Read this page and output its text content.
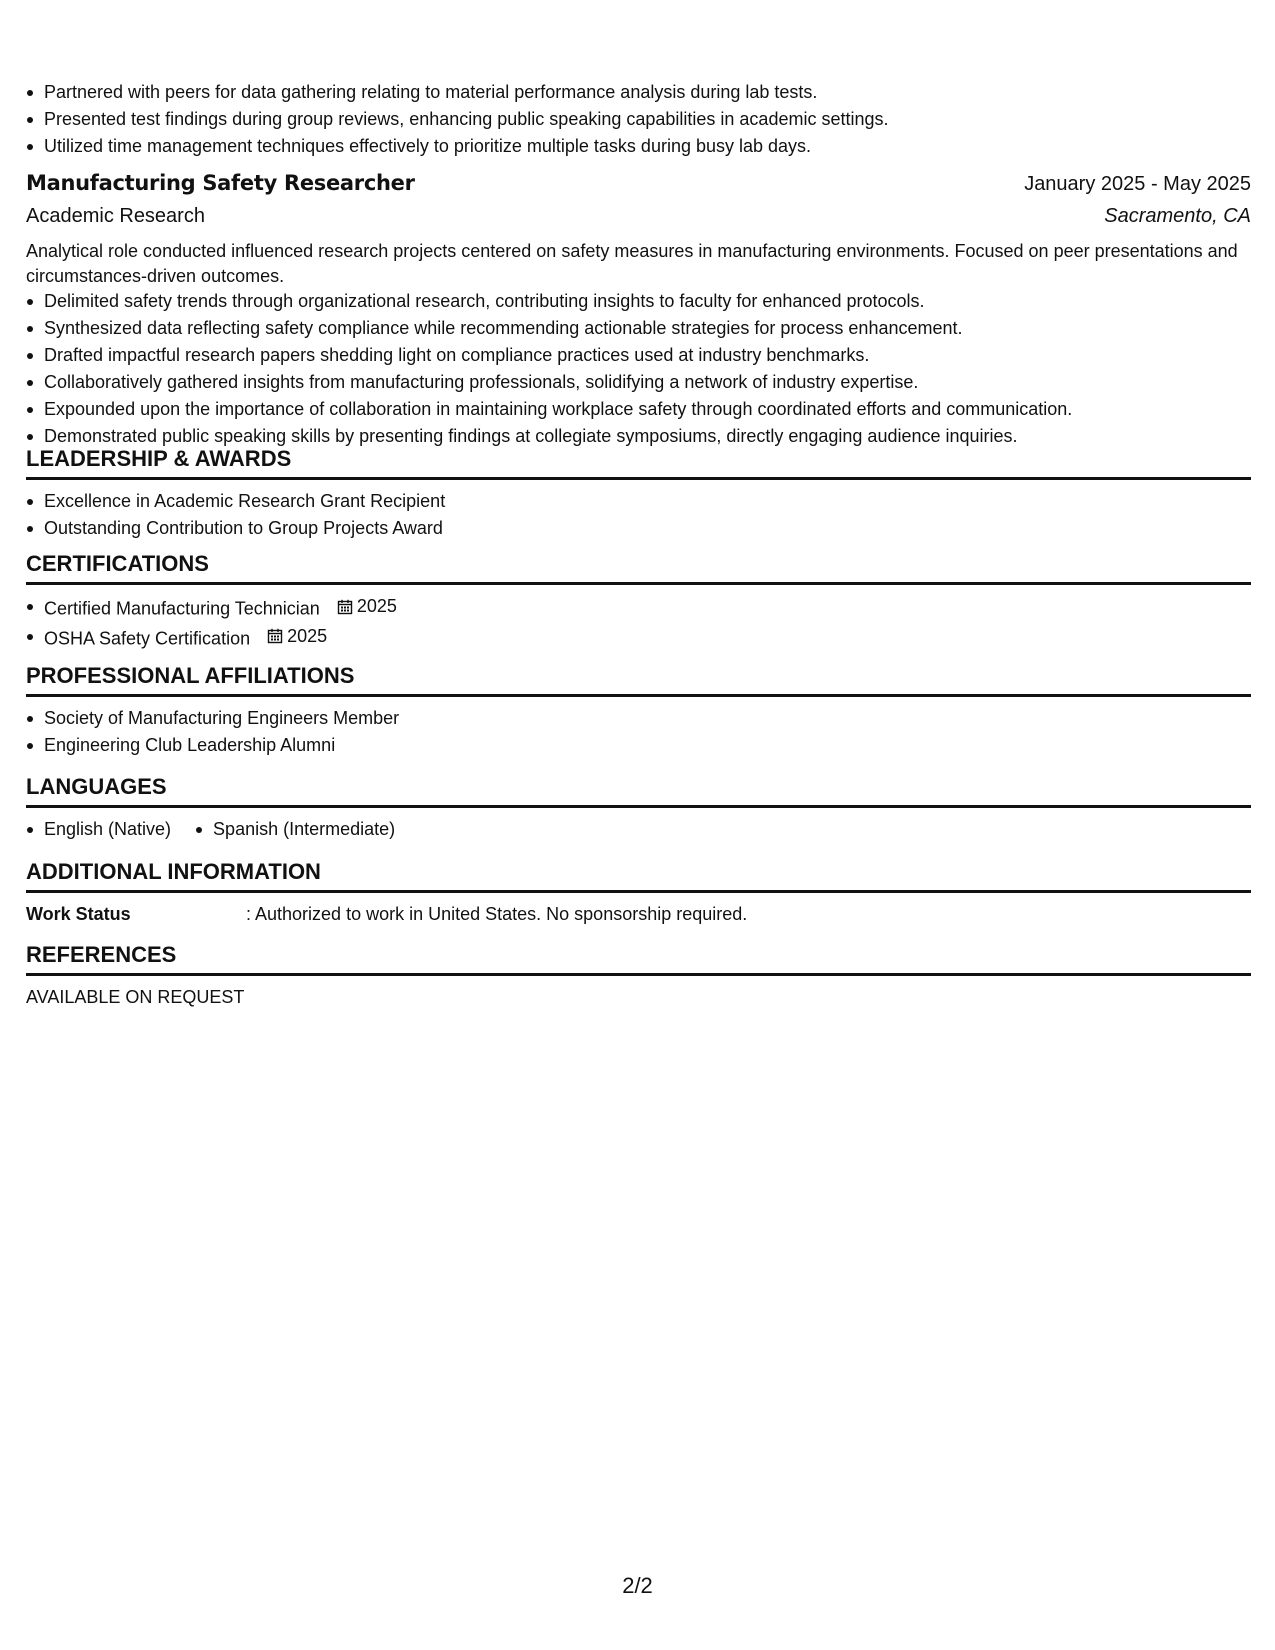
Partnered with peers for data gathering relating to material performance analysis during lab tests.
Presented test findings during group reviews, enhancing public speaking capabilities in academic settings.
Utilized time management techniques effectively to prioritize multiple tasks during busy lab days.
Manufacturing Safety Researcher	January 2025 - May 2025
Academic Research	Sacramento, CA
Analytical role conducted influenced research projects centered on safety measures in manufacturing environments. Focused on peer presentations and circumstances-driven outcomes.
Delimited safety trends through organizational research, contributing insights to faculty for enhanced protocols.
Synthesized data reflecting safety compliance while recommending actionable strategies for process enhancement.
Drafted impactful research papers shedding light on compliance practices used at industry benchmarks.
Collaboratively gathered insights from manufacturing professionals, solidifying a network of industry expertise.
Expounded upon the importance of collaboration in maintaining workplace safety through coordinated efforts and communication.
Demonstrated public speaking skills by presenting findings at collegiate symposiums, directly engaging audience inquiries.
LEADERSHIP & AWARDS
Excellence in Academic Research Grant Recipient
Outstanding Contribution to Group Projects Award
CERTIFICATIONS
Certified Manufacturing Technician 2025
OSHA Safety Certification 2025
PROFESSIONAL AFFILIATIONS
Society of Manufacturing Engineers Member
Engineering Club Leadership Alumni
LANGUAGES
English (Native)	Spanish (Intermediate)
ADDITIONAL INFORMATION
Work Status	: Authorized to work in United States. No sponsorship required.
REFERENCES
AVAILABLE ON REQUEST
2/2
